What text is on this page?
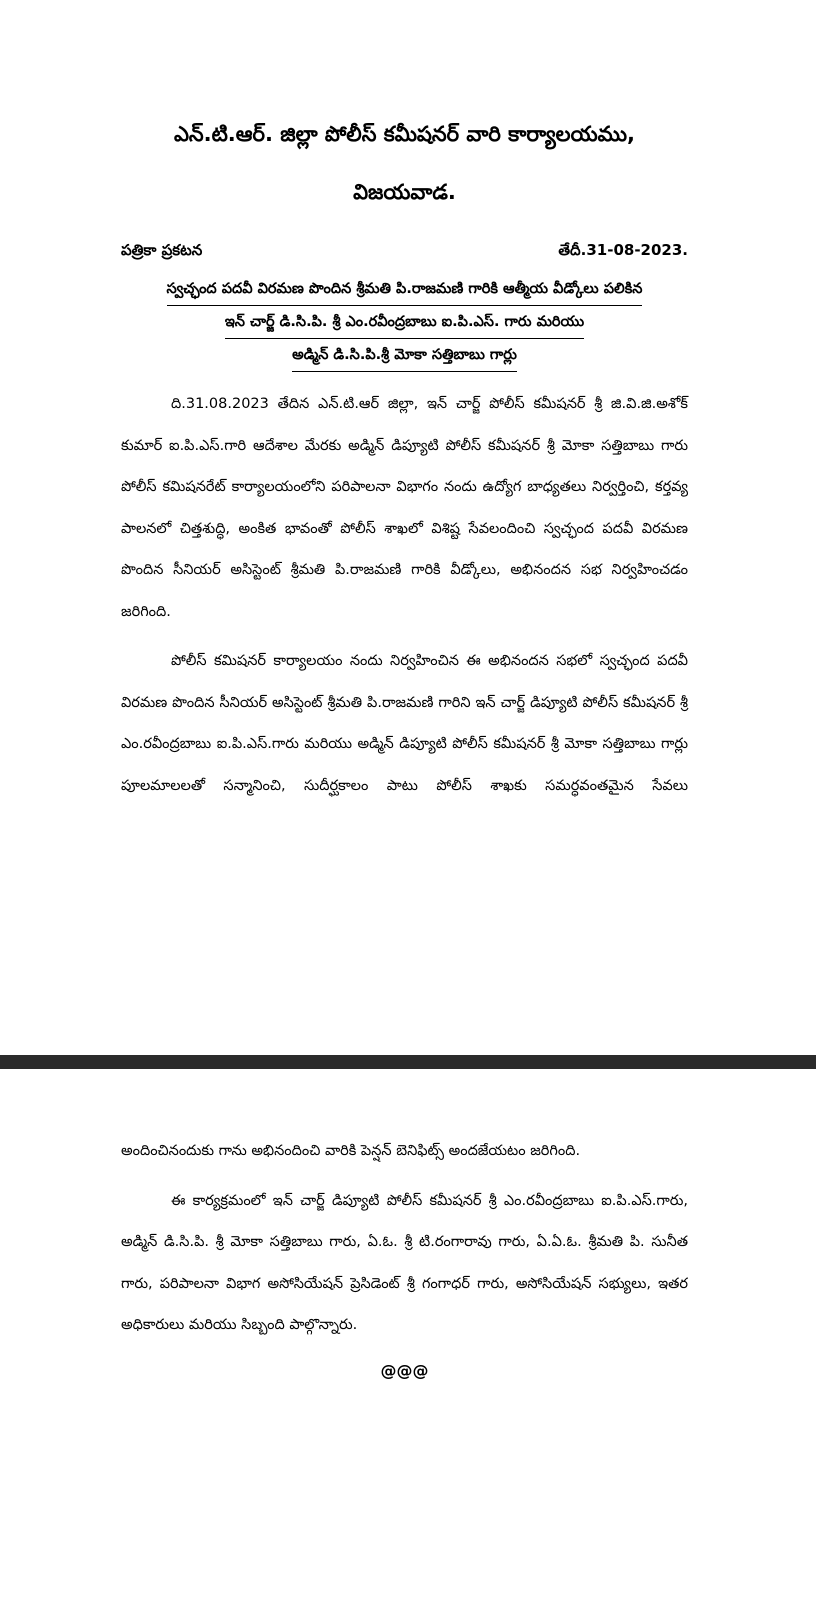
ఎన్.టి.ఆర్. జిల్లా పోలీస్ కమీషనర్ వారి కార్యాలయము,
విజయవాడ.
పత్రికా ప్రకటన	తేదీ.31-08-2023.
స్వచ్ఛంద పదవీ విరమణ పొందిన శ్రీమతి పి.రాజమణి గారికి ఆత్మీయ వీడ్కోలు పలికిన
ఇన్ చార్జ్ డి.సి.పి. శ్రీ ఎం.రవీంద్రబాబు ఐ.పి.ఎస్. గారు మరియు
అడ్మిన్ డి.సి.పి.శ్రీ మోకా సత్తిబాబు గార్లు

ది.31.08.2023 తేదిన ఎన్.టి.ఆర్ జిల్లా, ఇన్ చార్జ్ పోలీస్ కమీషనర్ శ్రీ జి.వి.జి.అశోక్ కుమార్ ఐ.పి.ఎస్.గారి ఆదేశాల మేరకు అడ్మిన్ డిప్యూటి పోలీస్ కమీషనర్ శ్రీ మోకా సత్తిబాబు గారు పోలీస్ కమిషనరేట్ కార్యాలయంలోని పరిపాలనా విభాగం నందు ఉద్యోగ బాధ్యతలు నిర్వర్తించి, కర్తవ్య పాలనలో చిత్తశుద్ధి, అంకిత భావంతో పోలీస్ శాఖలో విశిష్ట సేవలందించి స్వచ్ఛంద పదవీ విరమణ పొందిన సీనియర్ అసిస్టెంట్ శ్రీమతి పి.రాజమణి గారికి వీడ్కోలు, అభినందన సభ నిర్వహించడం జరిగింది.

పోలీస్ కమిషనర్ కార్యాలయం నందు నిర్వహించిన ఈ అభినందన సభలో స్వచ్ఛంద పదవీ విరమణ పొందిన సీనియర్ అసిస్టెంట్ శ్రీమతి పి.రాజమణి గారిని ఇన్ చార్జ్ డిప్యూటి పోలీస్ కమీషనర్ శ్రీ ఎం.రవీంద్రబాబు ఐ.పి.ఎస్.గారు మరియు అడ్మిన్ డిప్యూటి పోలీస్ కమీషనర్ శ్రీ మోకా సత్తిబాబు గార్లు పూలమాలలతో సన్మానించి, సుదీర్ఘకాలం పాటు పోలీస్ శాఖకు సమర్ధవంతమైన సేవలు

అందించినందుకు గాను అభినందించి వారికి పెన్షన్ బెనిఫిట్స్ అందజేయటం జరిగింది.

ఈ కార్యక్రమంలో ఇన్ చార్జ్ డిప్యూటి పోలీస్ కమీషనర్ శ్రీ ఎం.రవీంద్రబాబు ఐ.పి.ఎస్.గారు, అడ్మిన్ డి.సి.పి. శ్రీ మోకా సత్తిబాబు గారు, ఏ.ఓ. శ్రీ టి.రంగారావు గారు, ఏ.ఏ.ఓ. శ్రీమతి పి. సునీత గారు, పరిపాలనా విభాగ అసోసియేషన్ ప్రెసిడెంట్ శ్రీ గంగాధర్ గారు, అసోసియేషన్ సభ్యులు, ఇతర అధికారులు మరియు సిబ్బంది పాల్గొన్నారు.

@@@
